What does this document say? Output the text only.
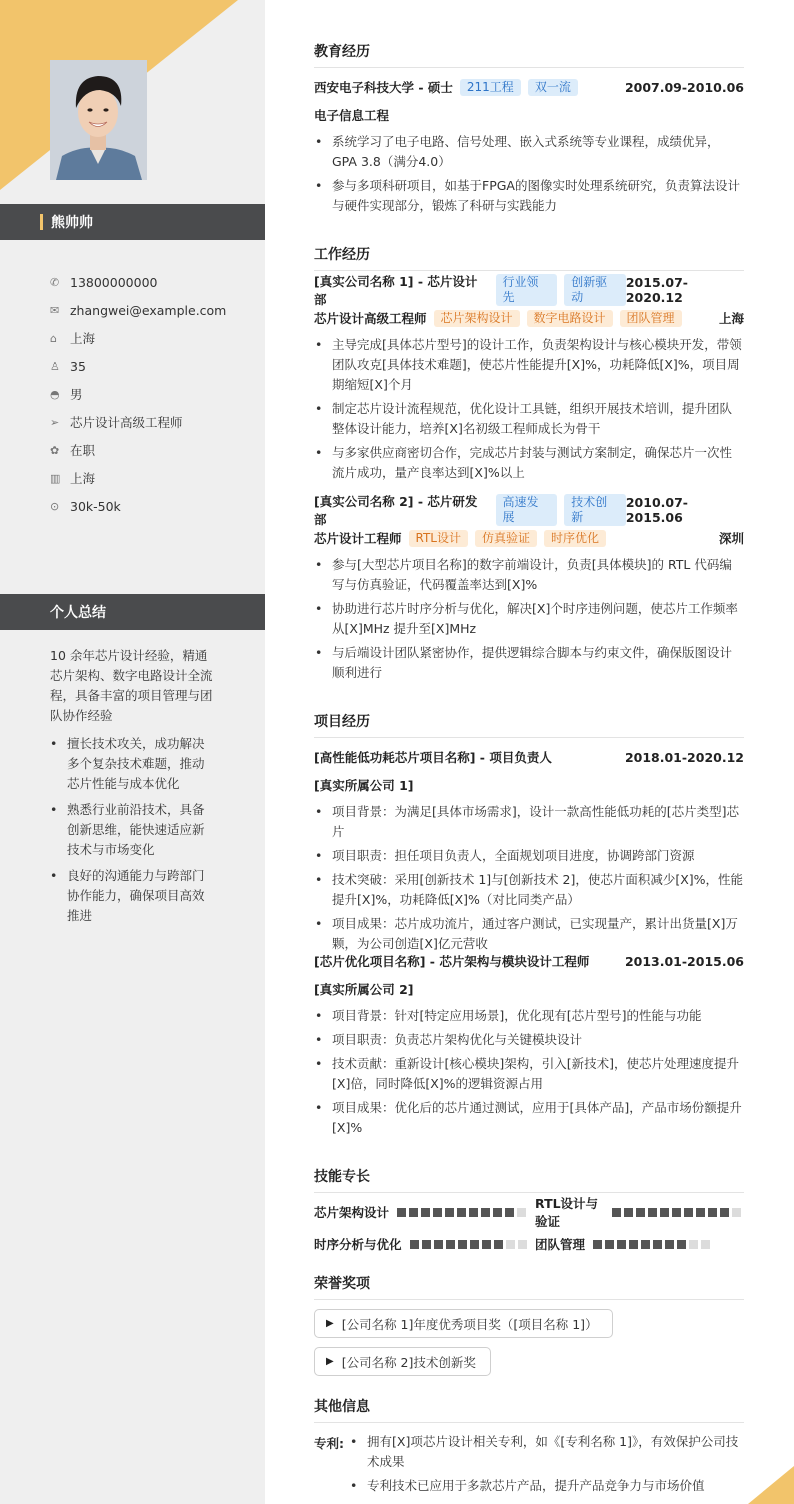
熊帅帅
✆ 13800000000
✉ zhangwei@example.com
⌂	上海
♙ 35
◓ 男
➢ 芯片设计高级工程师
✿ 在职
▥ 上海
⊙ 30k-50k
个人总结

10 余年芯片设计经验，精通芯片架构、数字电路设计全流程，具备丰富的项目管理与团队协作经验

• 擅长技术攻关，成功解决多个复杂技术难题，推动芯片性能与成本优化
• 熟悉行业前沿技术，具备创新思维，能快速适应新技术与市场变化
• 良好的沟通能力与跨部门协作能力，确保项目高效推进
教育经历
西安电子科技大学 - 硕士	211工程	双一流	2007.09-2010.06
电子信息工程
• 系统学习了电子电路、信号处理、嵌入式系统等专业课程，成绩优异，GPA 3.8（满分4.0）
• 参与多项科研项目，如基于FPGA的图像实时处理系统研究，负责算法设计与硬件实现部分，锻炼了科研与实践能力
工作经历
[真实公司名称 1] - 芯片设计部
行业领先
创新驱动
2015.07-2020.12
芯片设计高级工程师	芯片架构设计	数字电路设计	团队管理	上海
• 主导完成[具体芯片型号]的设计工作，负责架构设计与核心模块开发，带领团队攻克[具体技术难题]，使芯片性能提升[X]%，功耗降低[X]%，项目周期缩短[X]个月
• 制定芯片设计流程规范，优化设计工具链，组织开展技术培训，提升团队整体设计能力，培养[X]名初级工程师成长为骨干
• 与多家供应商密切合作，完成芯片封装与测试方案制定，确保芯片一次性流片成功，量产良率达到[X]%以上
[真实公司名称 2] - 芯片研发部
高速发展
技术创新
2010.07-2015.06
芯片设计工程师	RTL设计	仿真验证	时序优化	深圳
• 参与[大型芯片项目名称]的数字前端设计，负责[具体模块]的 RTL 代码编写与仿真验证，代码覆盖率达到[X]%
• 协助进行芯片时序分析与优化，解决[X]个时序违例问题，使芯片工作频率从[X]MHz 提升至[X]MHz
• 与后端设计团队紧密协作，提供逻辑综合脚本与约束文件，确保版图设计顺利进行
项目经历
[高性能低功耗芯片项目名称] - 项目负责人	2018.01-2020.12
[真实所属公司 1]
• 项目背景：为满足[具体市场需求]，设计一款高性能低功耗的[芯片类型]芯片
• 项目职责：担任项目负责人，全面规划项目进度，协调跨部门资源
• 技术突破：采用[创新技术 1]与[创新技术 2]，使芯片面积减少[X]%，性能提升[X]%，功耗降低[X]%（对比同类产品）
• 项目成果：芯片成功流片，通过客户测试，已实现量产，累计出货量[X]万颗，为公司创造[X]亿元营收
[芯片优化项目名称] - 芯片架构与模块设计工程师	2013.01-2015.06
[真实所属公司 2]
• 项目背景：针对[特定应用场景]，优化现有[芯片型号]的性能与功能
• 项目职责：负责芯片架构优化与关键模块设计
• 技术贡献：重新设计[核心模块]架构，引入[新技术]，使芯片处理速度提升[X]倍，同时降低[X]%的逻辑资源占用
• 项目成果：优化后的芯片通过测试，应用于[具体产品]，产品市场份额提升[X]%
技能专长
芯片架构设计
RTL设计与验证
时序分析与优化	团队管理
荣誉奖项
▶ [公司名称 1]年度优秀项目奖（[项目名称 1]）
▶ [公司名称 2]技术创新奖
其他信息
专利:
•	拥有[X]项芯片设计相关专利，如《[专利名称 1]》，有效保护公司技术成果
• 专利技术已应用于多款芯片产品，提升产品竞争力与市场价值
